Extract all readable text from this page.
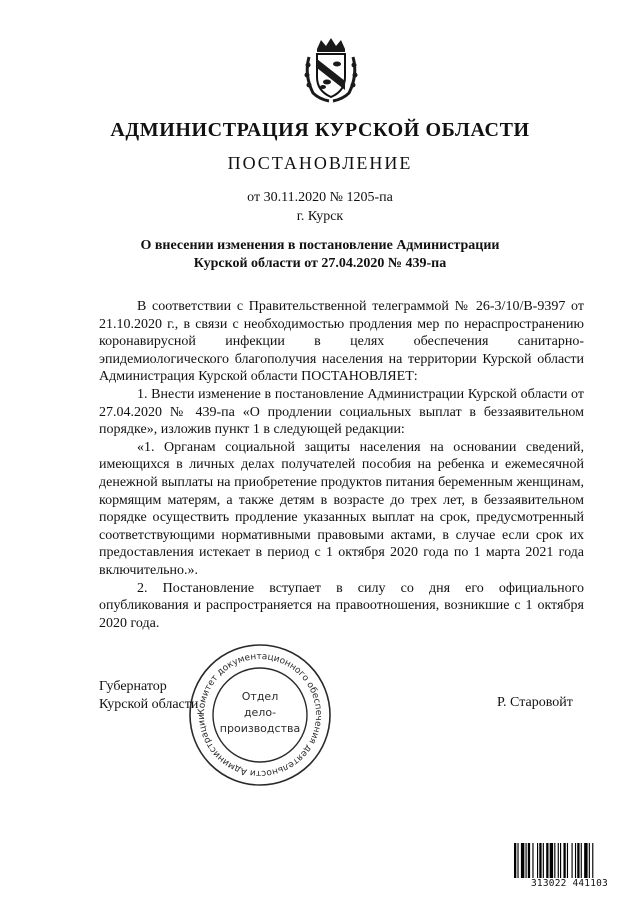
АДМИНИСТРАЦИЯ КУРСКОЙ ОБЛАСТИ
ПОСТАНОВЛЕНИЕ
от 30.11.2020 № 1205-па
г. Курск
О внесении изменения в постановление Администрации
Курской области от 27.04.2020 № 439-па

В соответствии с Правительственной телеграммой № 26-3/10/В-9397 от 21.10.2020 г., в связи с необходимостью продления мер по нераспространению коронавирусной инфекции в целях обеспечения санитарно-эпидемиологического благополучия населения на территории Курской области Администрация Курской области ПОСТАНОВЛЯЕТ:

1. Внести изменение в постановление Администрации Курской области от 27.04.2020 № 439-па «О продлении социальных выплат в беззаявительном порядке», изложив пункт 1 в следующей редакции:

«1. Органам социальной защиты населения на основании сведений, имеющихся в личных делах получателей пособия на ребенка и ежемесячной денежной выплаты на приобретение продуктов питания беременным женщинам, кормящим матерям, а также детям в возрасте до трех лет, в беззаявительном порядке осуществить продление указанных выплат на срок, предусмотренный соответствующими нормативными правовыми актами, в случае если срок их предоставления истекает в период с 1 октября 2020 года по 1 марта 2021 года включительно.».

2. Постановление вступает в силу со дня его официального опубликования и распространяется на правоотношения, возникшие с 1 октября 2020 года.

Губернатор
Курской области	Р. Старовойт
Комитет документационного обеспечения деятельности Администрации
Отдел
дело-
производства
313022 441103
